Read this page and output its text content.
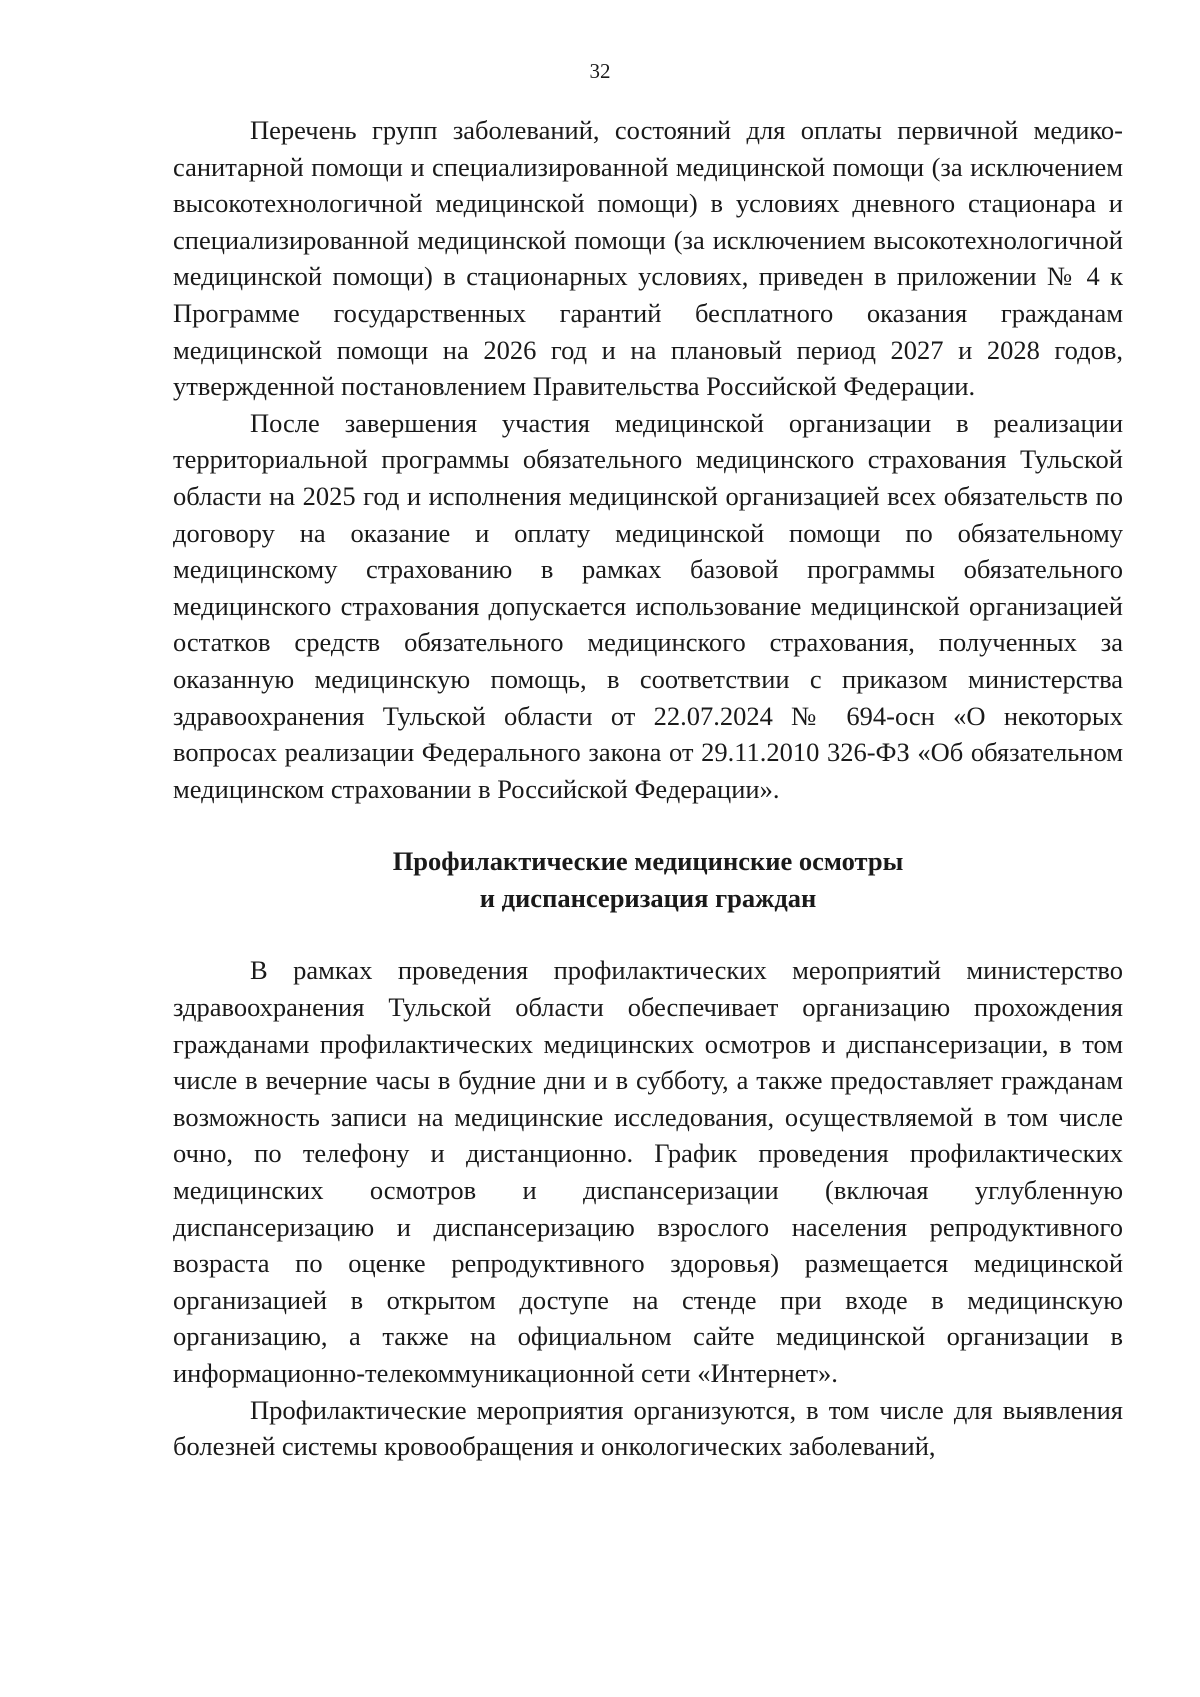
32

Перечень групп заболеваний, состояний для оплаты первичной медико-санитарной помощи и специализированной медицинской помощи (за исключением высокотехнологичной медицинской помощи) в условиях дневного стационара и специализированной медицинской помощи (за исключением высокотехнологичной медицинской помощи) в стационарных условиях, приведен в приложении № 4 к Программе государственных гарантий бесплатного оказания гражданам медицинской помощи на 2026 год и на плановый период 2027 и 2028 годов, утвержденной постановлением Правительства Российской Федерации.

После завершения участия медицинской организации в реализации территориальной программы обязательного медицинского страхования Тульской области на 2025 год и исполнения медицинской организацией всех обязательств по договору на оказание и оплату медицинской помощи по обязательному медицинскому страхованию в рамках базовой программы обязательного медицинского страхования допускается использование медицинской организацией остатков средств обязательного медицинского страхования, полученных за оказанную медицинскую помощь, в соответствии с приказом министерства здравоохранения Тульской области от 22.07.2024 № 694-осн «О некоторых вопросах реализации Федерального закона от 29.11.2010 326-ФЗ «Об обязательном медицинском страховании в Российской Федерации».

Профилактические медицинские осмотры
и диспансеризация граждан

В рамках проведения профилактических мероприятий министерство здравоохранения Тульской области обеспечивает организацию прохождения гражданами профилактических медицинских осмотров и диспансеризации, в том числе в вечерние часы в будние дни и в субботу, а также предоставляет гражданам возможность записи на медицинские исследования, осуществляемой в том числе очно, по телефону и дистанционно. График проведения профилактических медицинских осмотров и диспансеризации (включая углубленную диспансеризацию и диспансеризацию взрослого населения репродуктивного возраста по оценке репродуктивного здоровья) размещается медицинской организацией в открытом доступе на стенде при входе в медицинскую организацию, а также на официальном сайте медицинской организации в информационно-телекоммуникационной сети «Интернет».

Профилактические мероприятия организуются, в том числе для выявления болезней системы кровообращения и онкологических заболеваний,
